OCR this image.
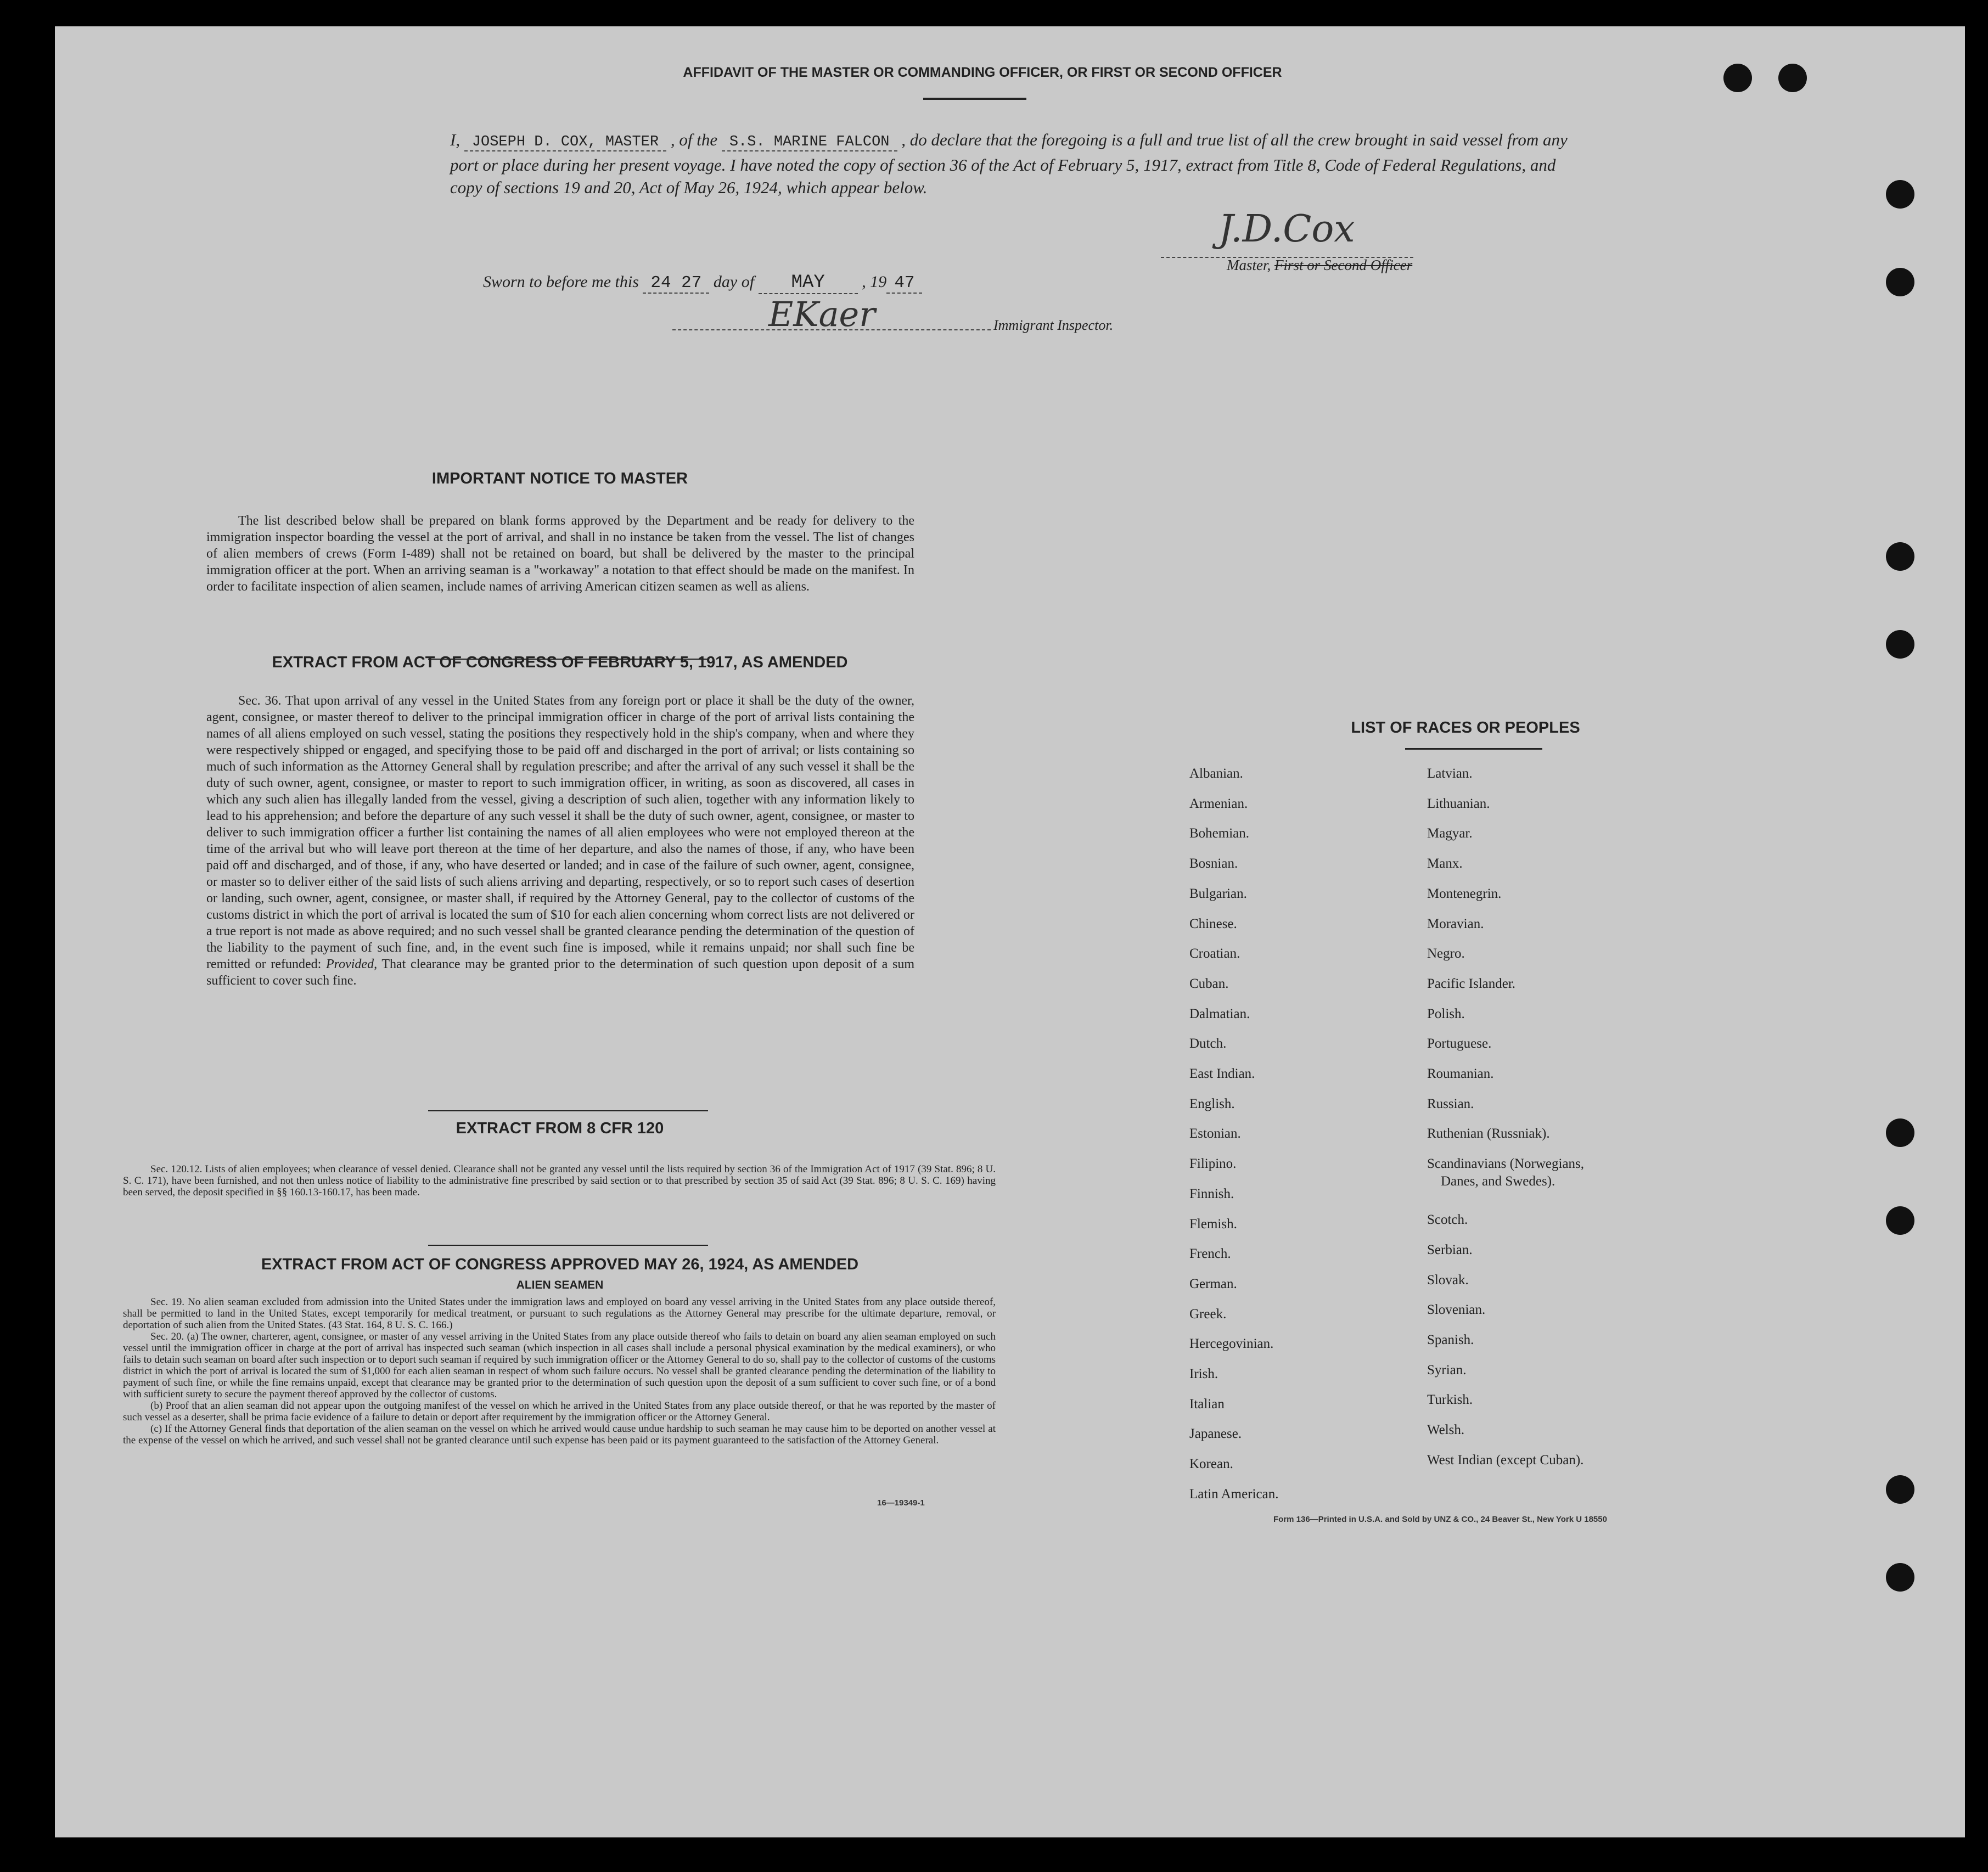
AFFIDAVIT OF THE MASTER OR COMMANDING OFFICER, OR FIRST OR SECOND OFFICER
I, JOSEPH D. COX, MASTER , of the S.S. MARINE FALCON , do declare that the foregoing is a full and true list of all the crew brought in said vessel from any port or place during her present voyage. I have noted the copy of section 36 of the Act of February 5, 1917, extract from Title 8, Code of Federal Regulations, and copy of sections 19 and 20, Act of May 26, 1924, which appear below.
J.D.Cox
Master, First or Second Officer
Sworn to before me this 24 27 day of MAY , 19 47
EKaer	Immigrant Inspector.
IMPORTANT NOTICE TO MASTER
The list described below shall be prepared on blank forms approved by the Department and be ready for delivery to the immigration inspector boarding the vessel at the port of arrival, and shall in no instance be taken from the vessel. The list of changes of alien members of crews (Form I-489) shall not be retained on board, but shall be delivered by the master to the principal immigration officer at the port. When an arriving seaman is a "workaway" a notation to that effect should be made on the manifest. In order to facilitate inspection of alien seamen, include names of arriving American citizen seamen as well as aliens.
EXTRACT FROM ACT OF CONGRESS OF FEBRUARY 5, 1917, AS AMENDED
Sec. 36. That upon arrival of any vessel in the United States from any foreign port or place it shall be the duty of the owner, agent, consignee, or master thereof to deliver to the principal immigration officer in charge of the port of arrival lists containing the names of all aliens employed on such vessel, stating the positions they respectively hold in the ship's company, when and where they were respectively shipped or engaged, and specifying those to be paid off and discharged in the port of arrival; or lists containing so much of such information as the Attorney General shall by regulation prescribe; and after the arrival of any such vessel it shall be the duty of such owner, agent, consignee, or master to report to such immigration officer, in writing, as soon as discovered, all cases in which any such alien has illegally landed from the vessel, giving a description of such alien, together with any information likely to lead to his apprehension; and before the departure of any such vessel it shall be the duty of such owner, agent, consignee, or master to deliver to such immigration officer a further list containing the names of all alien employees who were not employed thereon at the time of the arrival but who will leave port thereon at the time of her departure, and also the names of those, if any, who have been paid off and discharged, and of those, if any, who have deserted or landed; and in case of the failure of such owner, agent, consignee, or master so to deliver either of the said lists of such aliens arriving and departing, respectively, or so to report such cases of desertion or landing, such owner, agent, consignee, or master shall, if required by the Attorney General, pay to the collector of customs of the customs district in which the port of arrival is located the sum of $10 for each alien concerning whom correct lists are not delivered or a true report is not made as above required; and no such vessel shall be granted clearance pending the determination of the question of the liability to the payment of such fine, and, in the event such fine is imposed, while it remains unpaid; nor shall such fine be remitted or refunded: Provided, That clearance may be granted prior to the determination of such question upon deposit of a sum sufficient to cover such fine.
EXTRACT FROM 8 CFR 120
Sec. 120.12. Lists of alien employees; when clearance of vessel denied. Clearance shall not be granted any vessel until the lists required by section 36 of the Immigration Act of 1917 (39 Stat. 896; 8 U. S. C. 171), have been furnished, and not then unless notice of liability to the administrative fine prescribed by said section or to that prescribed by section 35 of said Act (39 Stat. 896; 8 U. S. C. 169) having been served, the deposit specified in §§ 160.13-160.17, has been made.
EXTRACT FROM ACT OF CONGRESS APPROVED MAY 26, 1924, AS AMENDED
ALIEN SEAMEN
Sec. 19. No alien seaman excluded from admission into the United States under the immigration laws and employed on board any vessel arriving in the United States from any place outside thereof, shall be permitted to land in the United States, except temporarily for medical treatment, or pursuant to such regulations as the Attorney General may prescribe for the ultimate departure, removal, or deportation of such alien from the United States. (43 Stat. 164, 8 U. S. C. 166.)
Sec. 20. (a) The owner, charterer, agent, consignee, or master of any vessel arriving in the United States from any place outside thereof who fails to detain on board any alien seaman employed on such vessel until the immigration officer in charge at the port of arrival has inspected such seaman (which inspection in all cases shall include a personal physical examination by the medical examiners), or who fails to detain such seaman on board after such inspection or to deport such seaman if required by such immigration officer or the Attorney General to do so, shall pay to the collector of customs of the customs district in which the port of arrival is located the sum of $1,000 for each alien seaman in respect of whom such failure occurs. No vessel shall be granted clearance pending the determination of the liability to payment of such fine, or while the fine remains unpaid, except that clearance may be granted prior to the determination of such question upon the deposit of a sum sufficient to cover such fine, or of a bond with sufficient surety to secure the payment thereof approved by the collector of customs.
(b) Proof that an alien seaman did not appear upon the outgoing manifest of the vessel on which he arrived in the United States from any place outside thereof, or that he was reported by the master of such vessel as a deserter, shall be prima facie evidence of a failure to detain or deport after requirement by the immigration officer or the Attorney General.
(c) If the Attorney General finds that deportation of the alien seaman on the vessel on which he arrived would cause undue hardship to such seaman he may cause him to be deported on another vessel at the expense of the vessel on which he arrived, and such vessel shall not be granted clearance until such expense has been paid or its payment guaranteed to the satisfaction of the Attorney General.
16—19349-1
LIST OF RACES OR PEOPLES
Form 136—Printed in U.S.A. and Sold by UNZ & CO., 24 Beaver St., New York U 18550
Albanian.
Armenian.
Bohemian.
Bosnian.
Bulgarian.
Chinese.
Croatian.
Cuban.
Dalmatian.
Dutch.
East Indian.
English.
Estonian.
Filipino.
Finnish.
Flemish.
French.
German.
Greek.
Hercegovinian.
Irish.
Italian
Japanese.
Korean.
Latin American.
Latvian.
Lithuanian.
Magyar.
Manx.
Montenegrin.
Moravian.
Negro.
Pacific Islander.
Polish.
Portuguese.
Roumanian.
Russian.
Ruthenian (Russniak).
Scandinavians (Norwegians,
Danes, and Swedes).
Scotch.
Serbian.
Slovak.
Slovenian.
Spanish.
Syrian.
Turkish.
Welsh.
West Indian (except Cuban).
